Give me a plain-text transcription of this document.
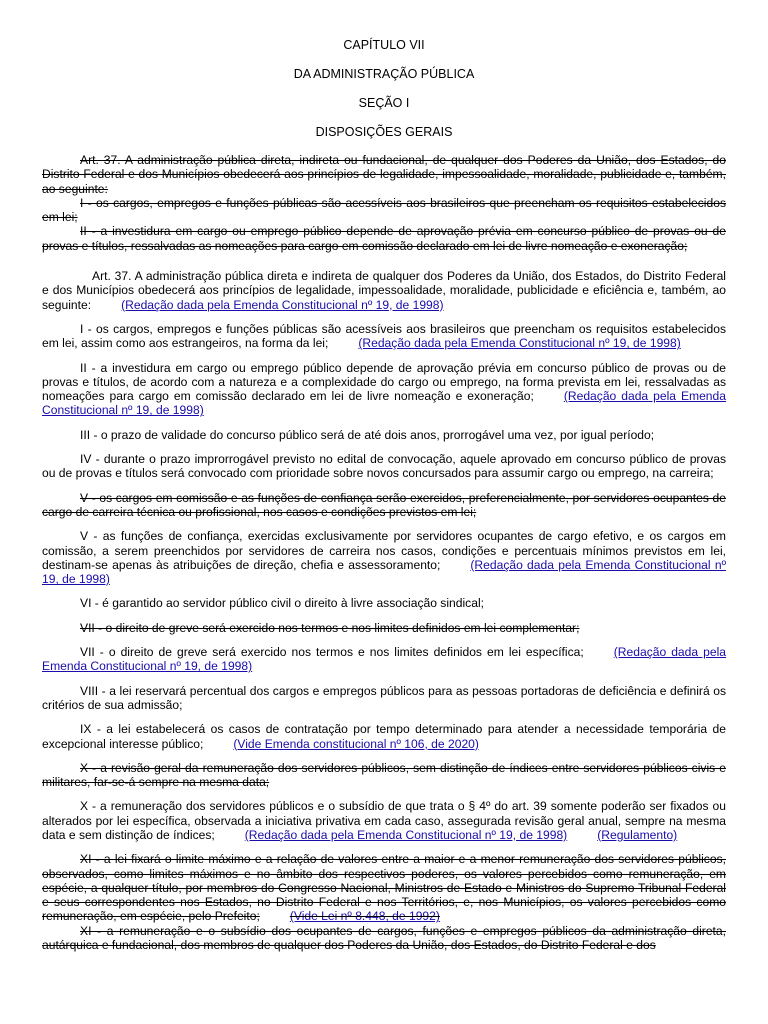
CAPÍTULO VII

DA ADMINISTRAÇÃO PÚBLICA

SEÇÃO I

DISPOSIÇÕES GERAIS

Art. 37. A administração pública direta, indireta ou fundacional, de qualquer dos Poderes da União, dos Estados, do Distrito Federal e dos Municípios obedecerá aos princípios de legalidade, impessoalidade, moralidade, publicidade e, também, ao seguinte:

I - os cargos, empregos e funções públicas são acessíveis aos brasileiros que preencham os requisitos estabelecidos em lei;

II - a investidura em cargo ou emprego público depende de aprovação prévia em concurso público de provas ou de provas e títulos, ressalvadas as nomeações para cargo em comissão declarado em lei de livre nomeação e exoneração;

Art. 37. A administração pública direta e indireta de qualquer dos Poderes da União, dos Estados, do Distrito Federal e dos Municípios obedecerá aos princípios de legalidade, impessoalidade, moralidade, publicidade e eficiência e, também, ao seguinte: (Redação dada pela Emenda Constitucional nº 19, de 1998)

I - os cargos, empregos e funções públicas são acessíveis aos brasileiros que preencham os requisitos estabelecidos em lei, assim como aos estrangeiros, na forma da lei; (Redação dada pela Emenda Constitucional nº 19, de 1998)

II - a investidura em cargo ou emprego público depende de aprovação prévia em concurso público de provas ou de provas e títulos, de acordo com a natureza e a complexidade do cargo ou emprego, na forma prevista em lei, ressalvadas as nomeações para cargo em comissão declarado em lei de livre nomeação e exoneração; (Redação dada pela Emenda Constitucional nº 19, de 1998)

III - o prazo de validade do concurso público será de até dois anos, prorrogável uma vez, por igual período;

IV - durante o prazo improrrogável previsto no edital de convocação, aquele aprovado em concurso público de provas ou de provas e títulos será convocado com prioridade sobre novos concursados para assumir cargo ou emprego, na carreira;

V - os cargos em comissão e as funções de confiança serão exercidos, preferencialmente, por servidores ocupantes de cargo de carreira técnica ou profissional, nos casos e condições previstos em lei;

V - as funções de confiança, exercidas exclusivamente por servidores ocupantes de cargo efetivo, e os cargos em comissão, a serem preenchidos por servidores de carreira nos casos, condições e percentuais mínimos previstos em lei, destinam-se apenas às atribuições de direção, chefia e assessoramento; (Redação dada pela Emenda Constitucional nº 19, de 1998)

VI - é garantido ao servidor público civil o direito à livre associação sindical;

VII - o direito de greve será exercido nos termos e nos limites definidos em lei complementar;

VII - o direito de greve será exercido nos termos e nos limites definidos em lei específica; (Redação dada pela Emenda Constitucional nº 19, de 1998)

VIII - a lei reservará percentual dos cargos e empregos públicos para as pessoas portadoras de deficiência e definirá os critérios de sua admissão;

IX - a lei estabelecerá os casos de contratação por tempo determinado para atender a necessidade temporária de excepcional interesse público; (Vide Emenda constitucional nº 106, de 2020)

X - a revisão geral da remuneração dos servidores públicos, sem distinção de índices entre servidores públicos civis e militares, far-se-á sempre na mesma data;

X - a remuneração dos servidores públicos e o subsídio de que trata o § 4º do art. 39 somente poderão ser fixados ou alterados por lei específica, observada a iniciativa privativa em cada caso, assegurada revisão geral anual, sempre na mesma data e sem distinção de índices; (Redação dada pela Emenda Constitucional nº 19, de 1998) (Regulamento)

XI - a lei fixará o limite máximo e a relação de valores entre a maior e a menor remuneração dos servidores públicos, observados, como limites máximos e no âmbito dos respectivos poderes, os valores percebidos como remuneração, em espécie, a qualquer título, por membros do Congresso Nacional, Ministros de Estado e Ministros do Supremo Tribunal Federal e seus correspondentes nos Estados, no Distrito Federal e nos Territórios, e, nos Municípios, os valores percebidos como remuneração, em espécie, pelo Prefeito; (Vide Lei nº 8.448, de 1992)

XI - a remuneração e o subsídio dos ocupantes de cargos, funções e empregos públicos da administração direta, autárquica e fundacional, dos membros de qualquer dos Poderes da União, dos Estados, do Distrito Federal e dos
